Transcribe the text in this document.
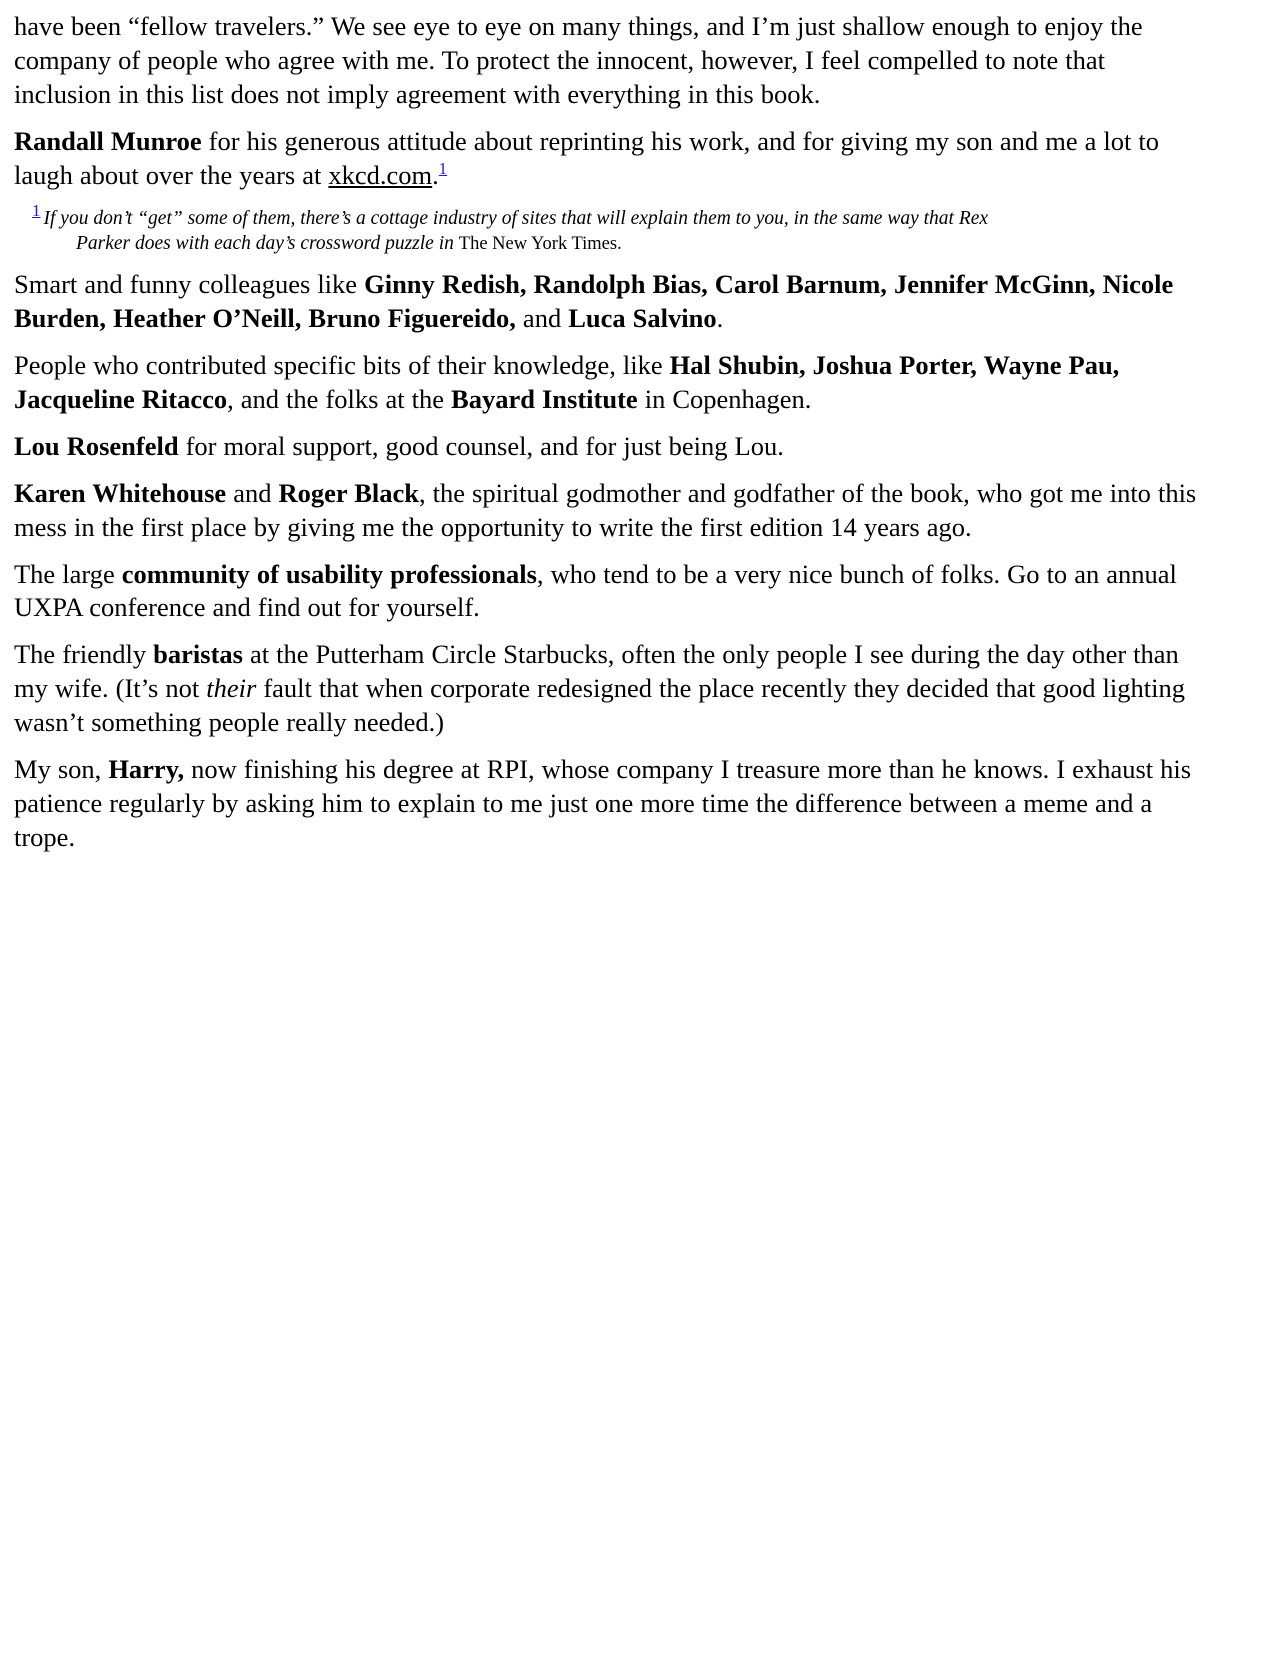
have been “fellow travelers.” We see eye to eye on many things, and I’m just shallow enough to enjoy the company of people who agree with me. To protect the innocent, however, I feel compelled to note that inclusion in this list does not imply agreement with everything in this book.

Randall Munroe for his generous attitude about reprinting his work, and for giving my son and me a lot to laugh about over the years at xkcd.com.$^1$

1 If you don’t “get” some of them, there’s a cottage industry of sites that will explain them to you, in the same way that Rex
Parker does with each day’s crossword puzzle in The New York Times.

Smart and funny colleagues like Ginny Redish, Randolph Bias, Carol Barnum, Jennifer McGinn, Nicole Burden, Heather O’Neill, Bruno Figuereido, and Luca Salvino.

People who contributed specific bits of their knowledge, like Hal Shubin, Joshua Porter, Wayne Pau, Jacqueline Ritacco, and the folks at the Bayard Institute in Copenhagen.

Lou Rosenfeld for moral support, good counsel, and for just being Lou.

Karen Whitehouse and Roger Black, the spiritual godmother and godfather of the book, who got me into this mess in the first place by giving me the opportunity to write the first edition 14 years ago.

The large community of usability professionals, who tend to be a very nice bunch of folks. Go to an annual UXPA conference and find out for yourself.

The friendly baristas at the Putterham Circle Starbucks, often the only people I see during the day other than my wife. (It’s not their fault that when corporate redesigned the place recently they decided that good lighting wasn’t something people really needed.)

My son, Harry, now finishing his degree at RPI, whose company I treasure more than he knows. I exhaust his patience regularly by asking him to explain to me just one more time the difference between a meme and a trope.
